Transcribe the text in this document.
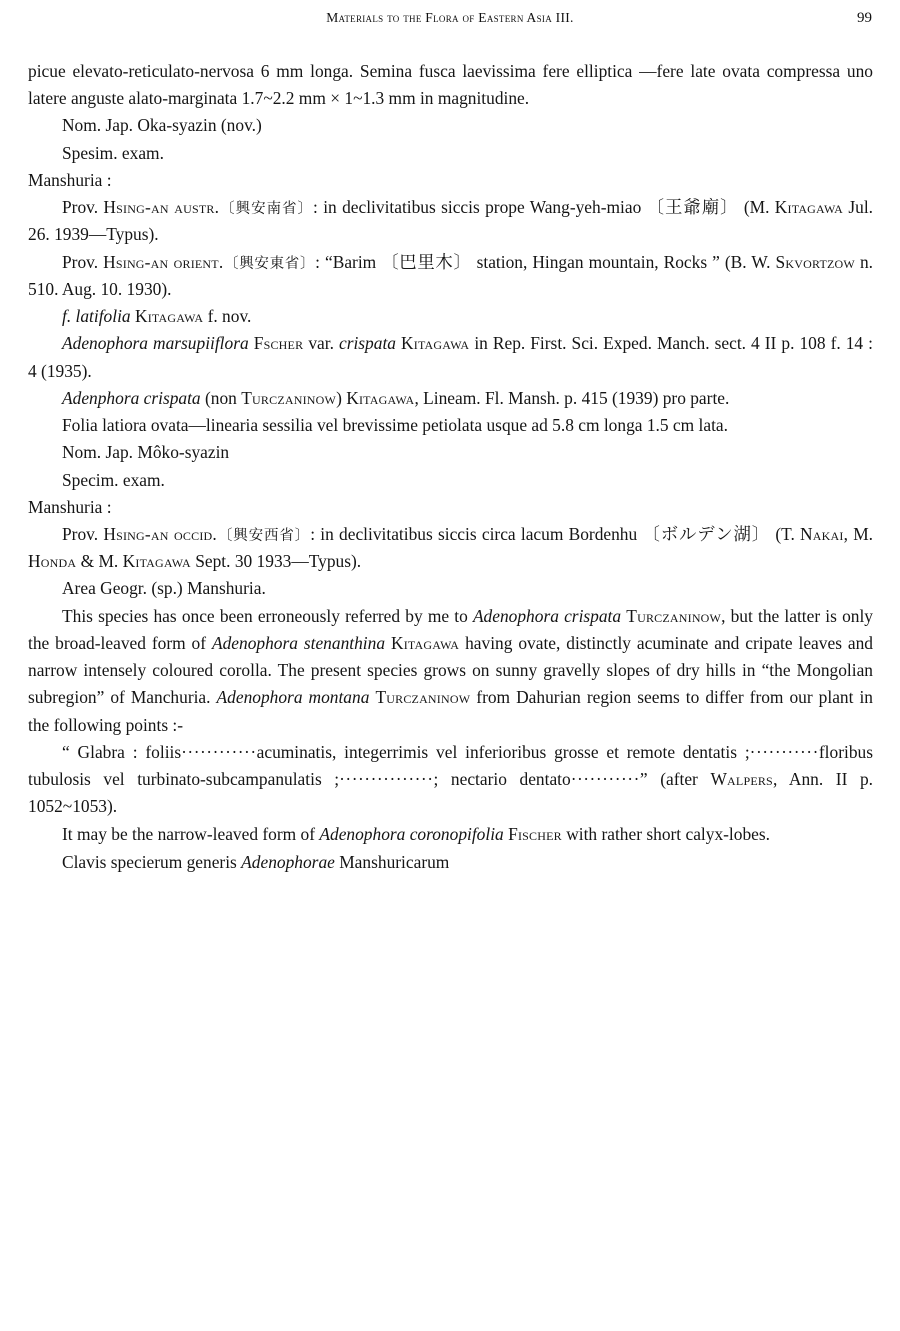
Materials to the Flora of Eastern Asia III.	99

picue elevato-reticulato-nervosa 6 mm longa. Semina fusca laevissima fere elliptica —fere late ovata compressa uno latere anguste alato-marginata 1.7~2.2 mm × 1~1.3 mm in magnitudine.

Nom. Jap. Oka-syazin (nov.)

Spesim. exam.

Manshuria :

Prov. Hsing-an austr.〔興安南省〕: in declivitatibus siccis prope Wang-yeh-miao 〔王爺廟〕 (M. Kitagawa Jul. 26. 1939—Typus).

Prov. Hsing-an orient.〔興安東省〕: “Barim 〔巴里木〕 station, Hingan mountain, Rocks ” (B. W. Skvortzow n. 510. Aug. 10. 1930).

f. latifolia Kitagawa f. nov.

Adenophora marsupiiflora Fscher var. crispata Kitagawa in Rep. First. Sci. Exped. Manch. sect. 4 II p. 108 f. 14 : 4 (1935).

Adenphora crispata (non Turczaninow) Kitagawa, Lineam. Fl. Mansh. p. 415 (1939) pro parte.

Folia latiora ovata—linearia sessilia vel brevissime petiolata usque ad 5.8 cm longa 1.5 cm lata.

Nom. Jap. Môko-syazin

Specim. exam.

Manshuria :

Prov. Hsing-an occid.〔興安西省〕: in declivitatibus siccis circa lacum Bordenhu 〔ボルデン湖〕 (T. Nakai, M. Honda & M. Kitagawa Sept. 30 1933—Typus).

Area Geogr. (sp.) Manshuria.

This species has once been erroneously referred by me to Adenophora crispata Turczaninow, but the latter is only the broad-leaved form of Adenophora stenanthina Kitagawa having ovate, distinctly acuminate and cripate leaves and narrow intensely coloured corolla. The present species grows on sunny gravelly slopes of dry hills in “the Mongolian subregion” of Manchuria. Adenophora montana Turczaninow from Dahurian region seems to differ from our plant in the following points :-

“ Glabra : foliis············acuminatis, integerrimis vel inferioribus grosse et remote dentatis ;···········floribus tubulosis vel turbinato-subcampanulatis ;···············; nectario dentato···········” (after Walpers, Ann. II p. 1052~1053).

It may be the narrow-leaved form of Adenophora coronopifolia Fischer with rather short calyx-lobes.

Clavis specierum generis Adenophorae Manshuricarum
